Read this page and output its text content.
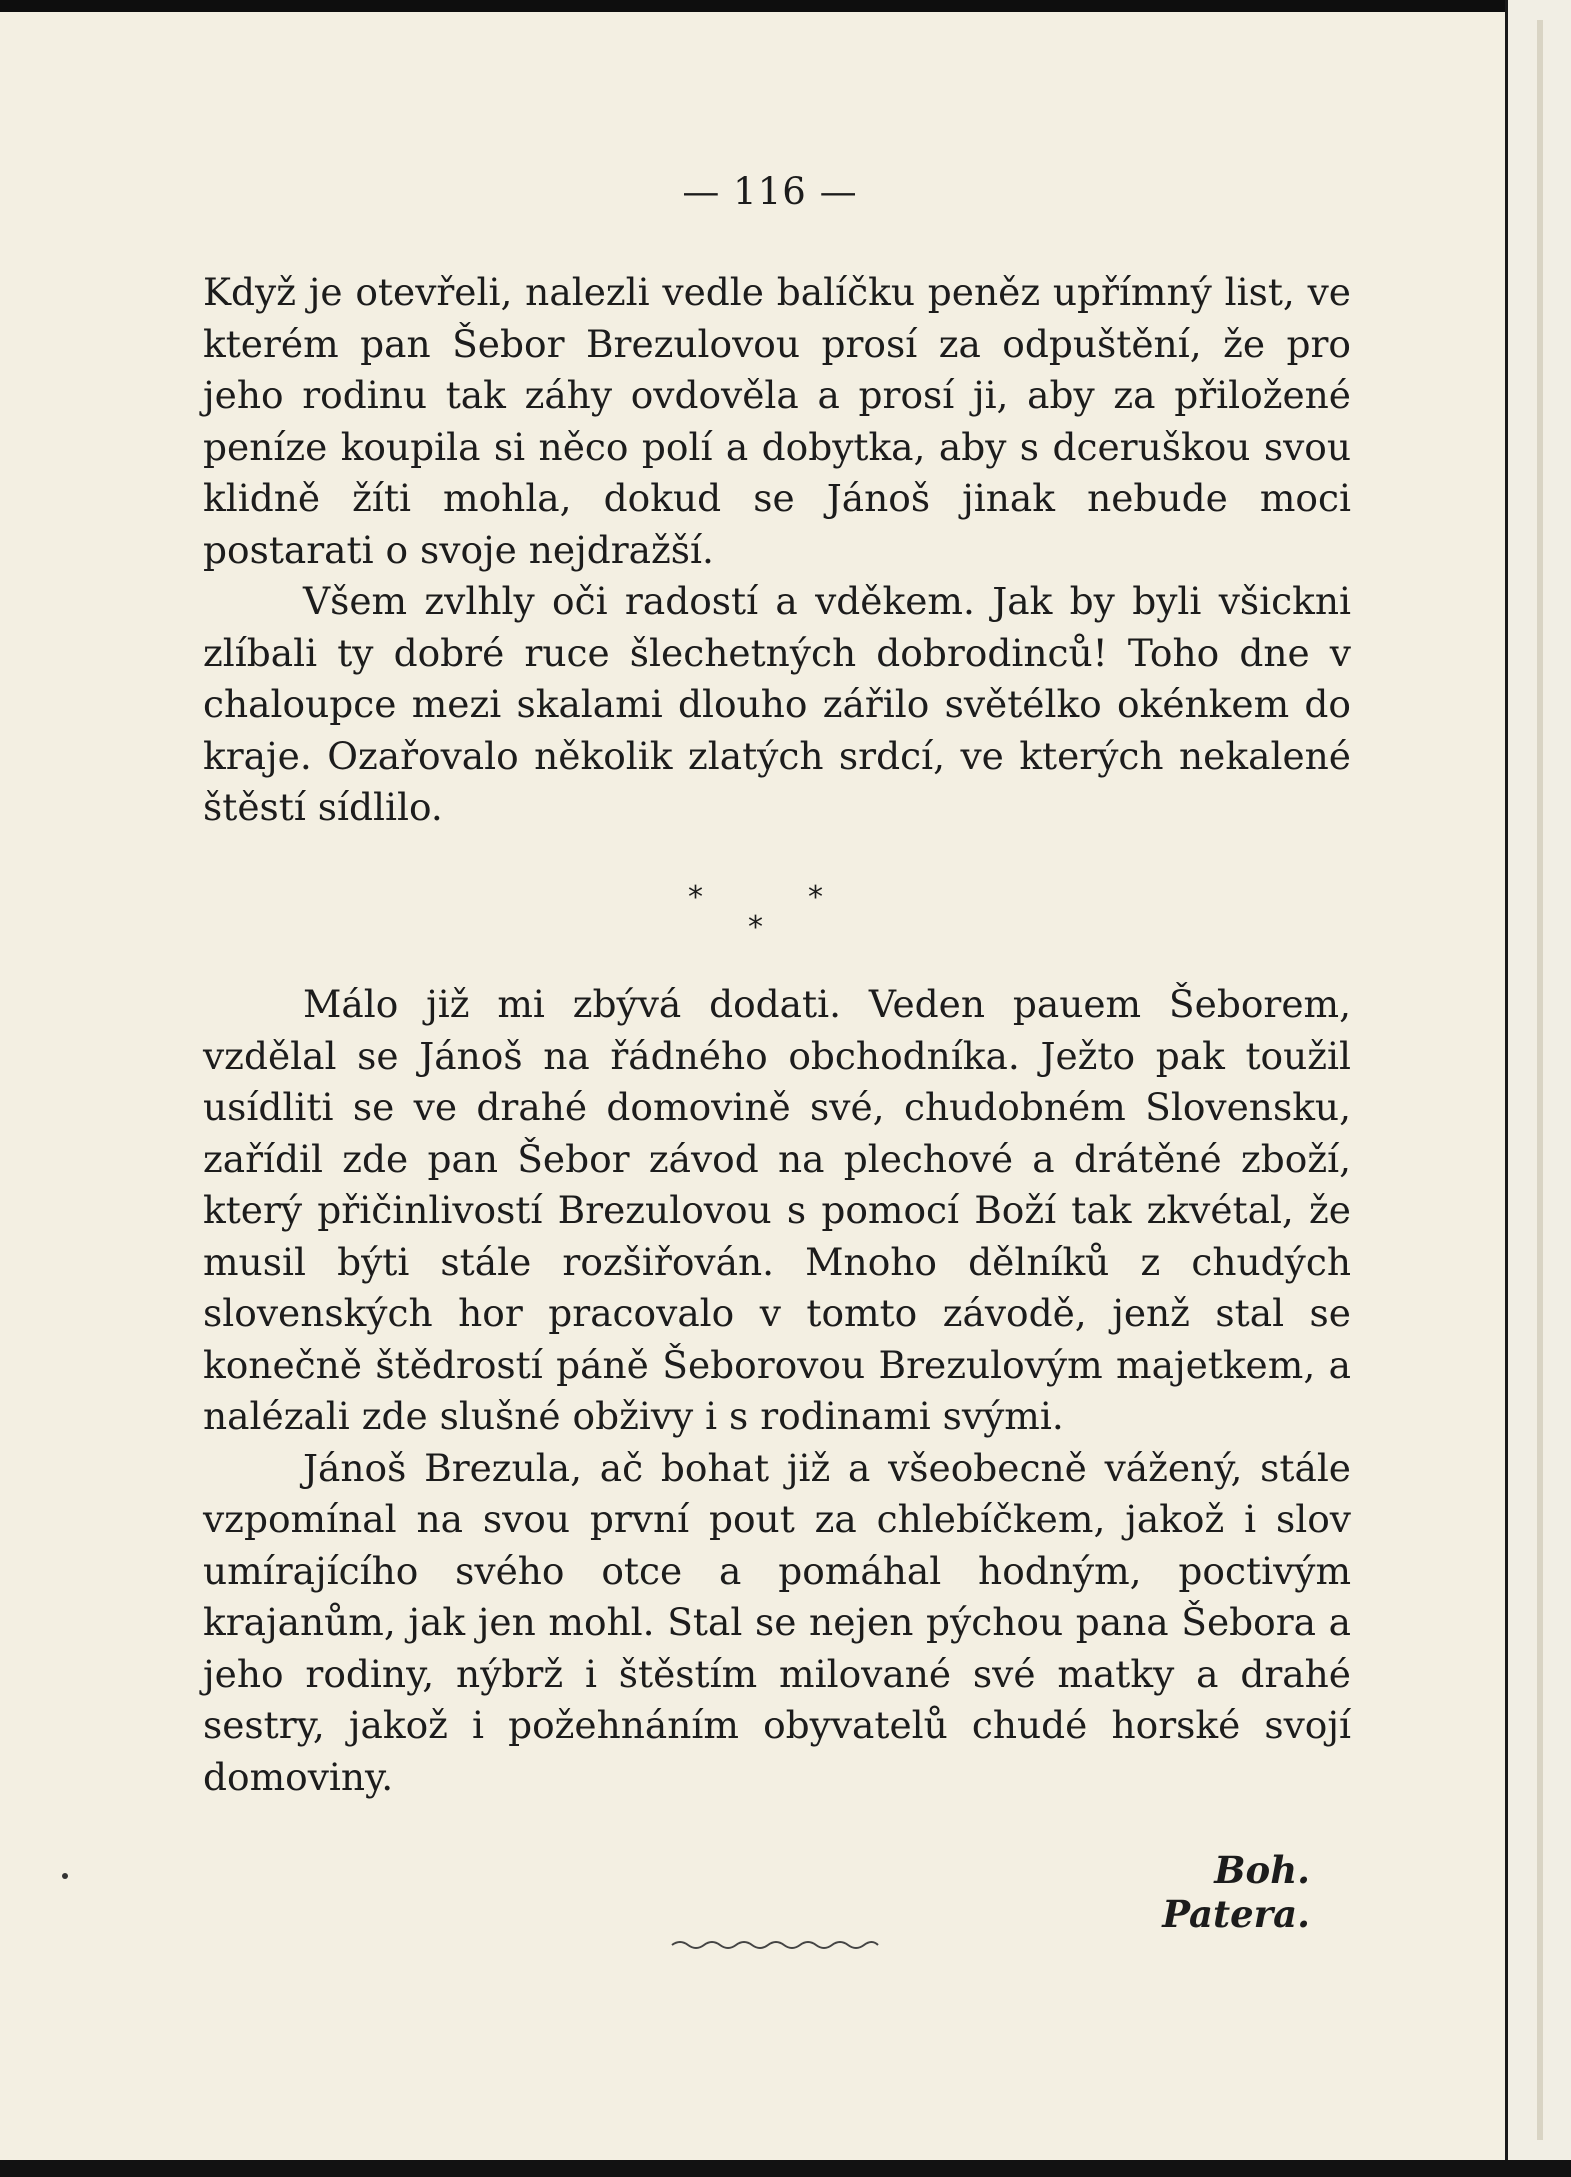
— 116 —

Když je otevřeli, nalezli vedle balíčku peněz upřímný list, ve kterém pan Šebor Brezulovou prosí za odpuštění, že pro jeho rodinu tak záhy ovdověla a prosí ji, aby za přiložené peníze koupila si něco polí a dobytka, aby s dceruškou svou klidně žíti mohla, dokud se Jánoš jinak nebude moci postarati o svoje nejdražší.

Všem zvlhly oči radostí a vděkem. Jak by byli všickni zlíbali ty dobré ruce šlechetných dobrodinců! Toho dne v chaloupce mezi skalami dlouho zářilo světélko okénkem do kraje. Ozařovalo několik zlatých srdcí, ve kterých nekalené štěstí sídlilo.

*	*
*

Málo již mi zbývá dodati. Veden pauem Šeborem, vzdělal se Jánoš na řádného obchodníka. Ježto pak toužil usídliti se ve drahé domovině své, chudobném Slovensku, zařídil zde pan Šebor závod na plechové a drátěné zboží, který přičinlivostí Brezulovou s pomocí Boží tak zkvétal, že musil býti stále rozšiřován. Mnoho dělníků z chudých slovenských hor pracovalo v tomto závodě, jenž stal se konečně štědrostí páně Šeborovou Brezulovým majetkem, a nalézali zde slušné obživy i s rodinami svými.

Jánoš Brezula, ač bohat již a všeobecně vážený, stále vzpomínal na svou první pout za chlebíčkem, jakož i slov umírajícího svého otce a pomáhal hodným, poctivým krajanům, jak jen mohl. Stal se nejen pýchou pana Šebora a jeho rodiny, nýbrž i štěstím milované své matky a drahé sestry, jakož i požehnáním obyvatelů chudé horské svojí domoviny.

Boh. Patera.
